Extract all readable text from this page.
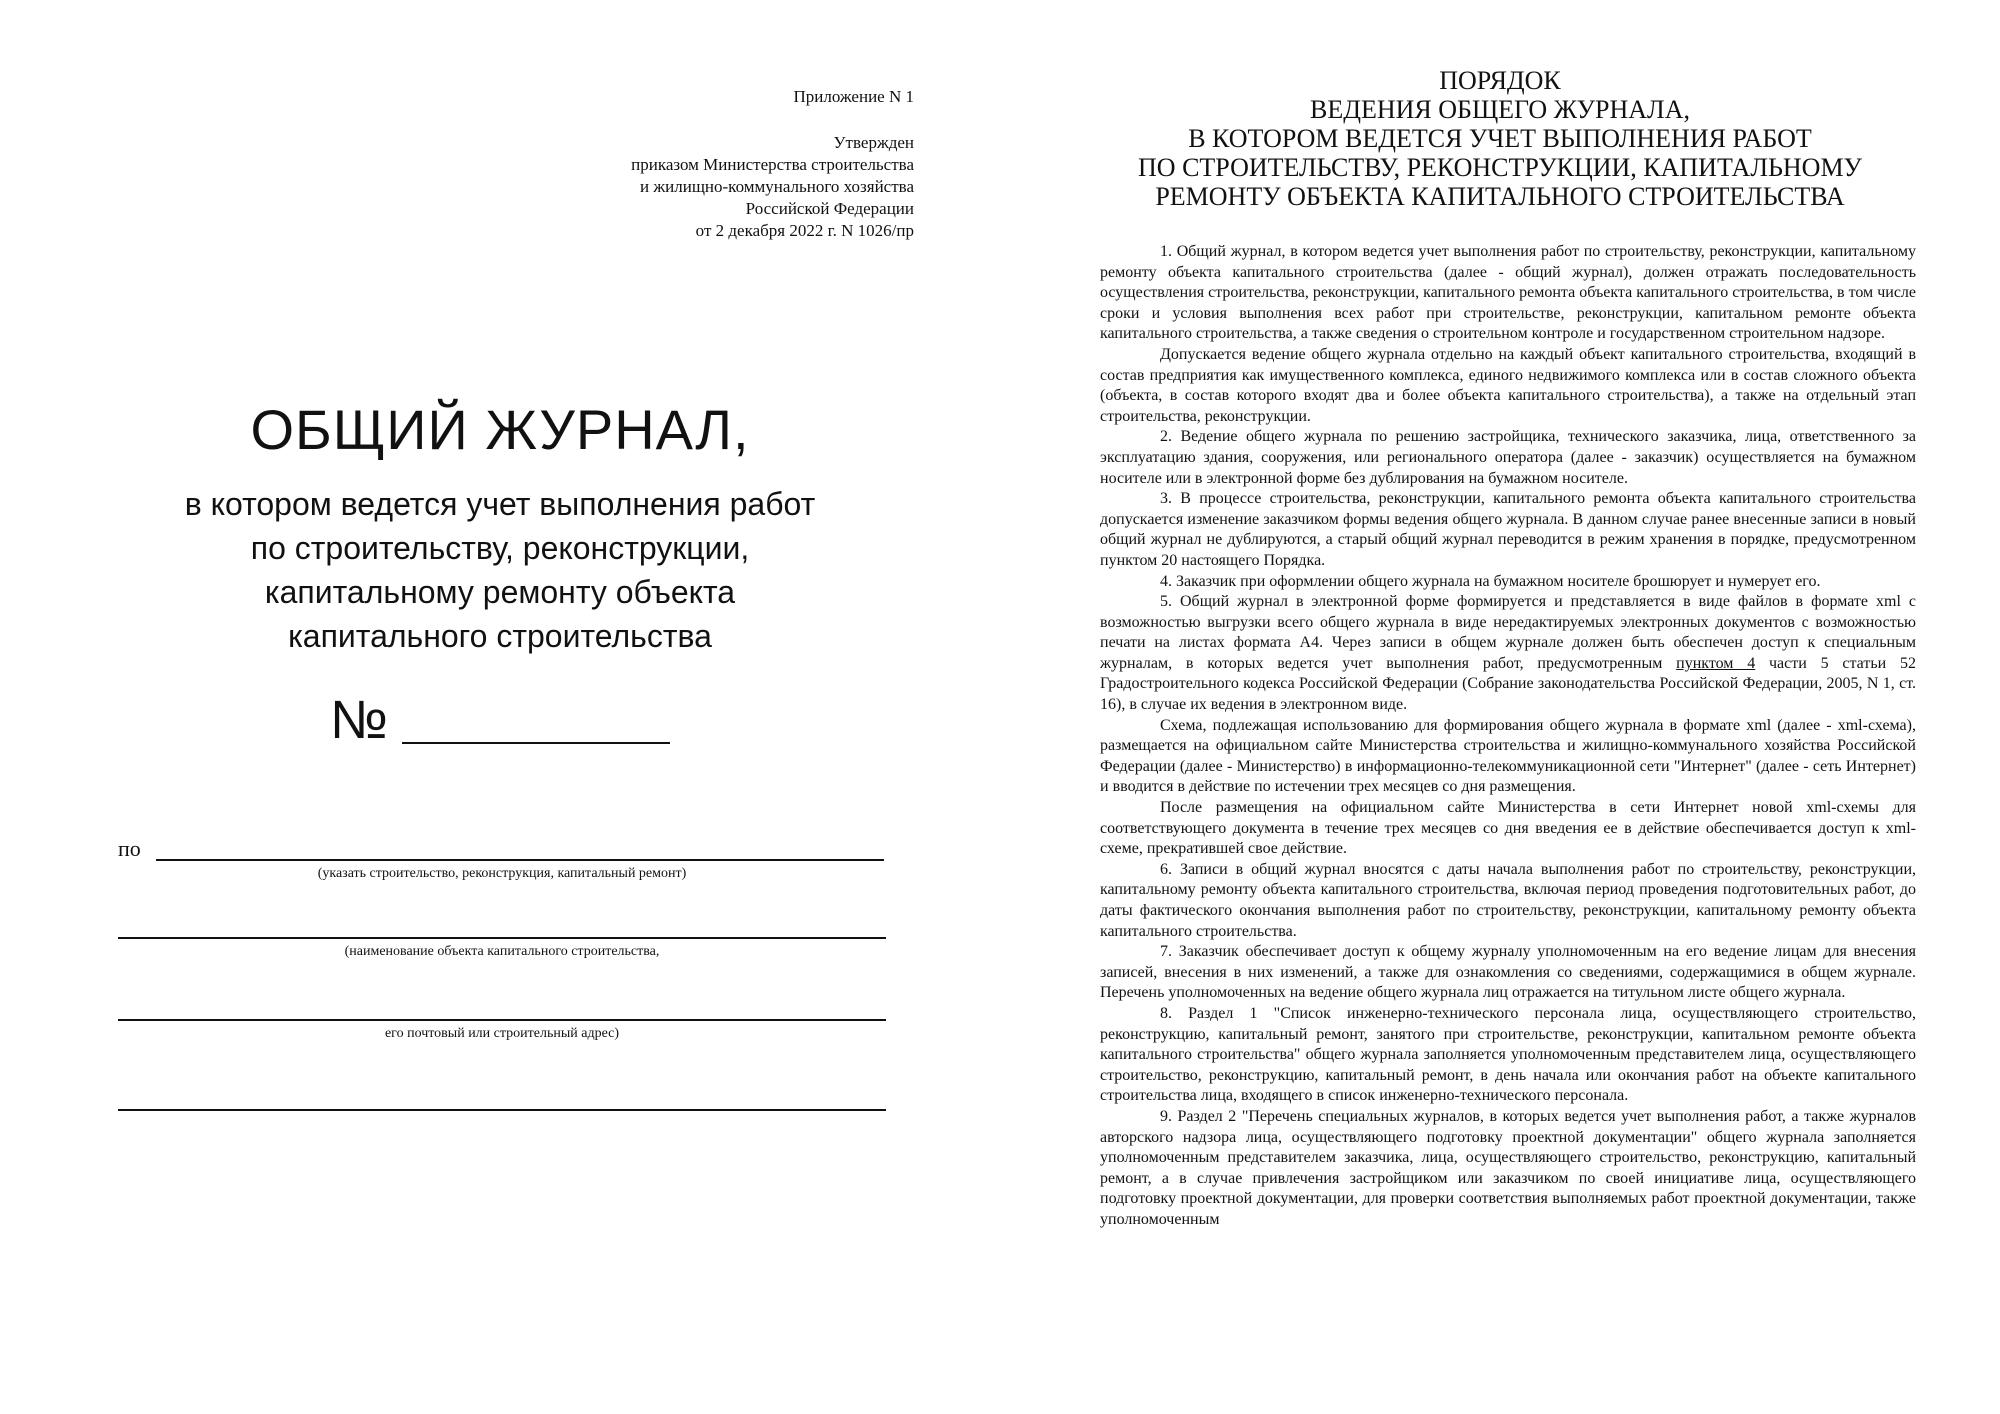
Приложение N 1
Утвержден
приказом Министерства строительства
и жилищно-коммунального хозяйства
Российской Федерации
от 2 декабря 2022 г. N 1026/пр
ОБЩИЙ ЖУРНАЛ,
в котором ведется учет выполнения работ
по строительству, реконструкции,
капитальному ремонту объекта
капитального строительства
№
по
(указать строительство, реконструкция, капитальный ремонт)
(наименование объекта капитального строительства,
его почтовый или строительный адрес)
ПОРЯДОК
ВЕДЕНИЯ ОБЩЕГО ЖУРНАЛА,
В КОТОРОМ ВЕДЕТСЯ УЧЕТ ВЫПОЛНЕНИЯ РАБОТ
ПО СТРОИТЕЛЬСТВУ, РЕКОНСТРУКЦИИ, КАПИТАЛЬНОМУ
РЕМОНТУ ОБЪЕКТА КАПИТАЛЬНОГО СТРОИТЕЛЬСТВА

1. Общий журнал, в котором ведется учет выполнения работ по строительству, реконструкции, капитальному ремонту объекта капитального строительства (далее - общий журнал), должен отражать последовательность осуществления строительства, реконструкции, капитального ремонта объекта капитального строительства, в том числе сроки и условия выполнения всех работ при строительстве, реконструкции, капитальном ремонте объекта капитального строительства, а также сведения о строительном контроле и государственном строительном надзоре.

Допускается ведение общего журнала отдельно на каждый объект капитального строительства, входящий в состав предприятия как имущественного комплекса, единого недвижимого комплекса или в состав сложного объекта (объекта, в состав которого входят два и более объекта капитального строительства), а также на отдельный этап строительства, реконструкции.

2. Ведение общего журнала по решению застройщика, технического заказчика, лица, ответственного за эксплуатацию здания, сооружения, или регионального оператора (далее - заказчик) осуществляется на бумажном носителе или в электронной форме без дублирования на бумажном носителе.

3. В процессе строительства, реконструкции, капитального ремонта объекта капитального строительства допускается изменение заказчиком формы ведения общего журнала. В данном случае ранее внесенные записи в новый общий журнал не дублируются, а старый общий журнал переводится в режим хранения в порядке, предусмотренном пунктом 20 настоящего Порядка.

4. Заказчик при оформлении общего журнала на бумажном носителе брошюрует и нумерует его.

5. Общий журнал в электронной форме формируется и представляется в виде файлов в формате xml с возможностью выгрузки всего общего журнала в виде нередактируемых электронных документов с возможностью печати на листах формата А4. Через записи в общем журнале должен быть обеспечен доступ к специальным журналам, в которых ведется учет выполнения работ, предусмотренным пунктом 4 части 5 статьи 52 Градостроительного кодекса Российской Федерации (Собрание законодательства Российской Федерации, 2005, N 1, ст. 16), в случае их ведения в электронном виде.

Схема, подлежащая использованию для формирования общего журнала в формате xml (далее - xml-схема), размещается на официальном сайте Министерства строительства и жилищно-коммунального хозяйства Российской Федерации (далее - Министерство) в информационно-телекоммуникационной сети "Интернет" (далее - сеть Интернет) и вводится в действие по истечении трех месяцев со дня размещения.

После размещения на официальном сайте Министерства в сети Интернет новой xml-схемы для соответствующего документа в течение трех месяцев со дня введения ее в действие обеспечивается доступ к xml-схеме, прекратившей свое действие.

6. Записи в общий журнал вносятся с даты начала выполнения работ по строительству, реконструкции, капитальному ремонту объекта капитального строительства, включая период проведения подготовительных работ, до даты фактического окончания выполнения работ по строительству, реконструкции, капитальному ремонту объекта капитального строительства.

7. Заказчик обеспечивает доступ к общему журналу уполномоченным на его ведение лицам для внесения записей, внесения в них изменений, а также для ознакомления со сведениями, содержащимися в общем журнале. Перечень уполномоченных на ведение общего журнала лиц отражается на титульном листе общего журнала.

8. Раздел 1 "Список инженерно-технического персонала лица, осуществляющего строительство, реконструкцию, капитальный ремонт, занятого при строительстве, реконструкции, капитальном ремонте объекта капитального строительства" общего журнала заполняется уполномоченным представителем лица, осуществляющего строительство, реконструкцию, капитальный ремонт, в день начала или окончания работ на объекте капитального строительства лица, входящего в список инженерно-технического персонала.

9. Раздел 2 "Перечень специальных журналов, в которых ведется учет выполнения работ, а также журналов авторского надзора лица, осуществляющего подготовку проектной документации" общего журнала заполняется уполномоченным представителем заказчика, лица, осуществляющего строительство, реконструкцию, капитальный ремонт, а в случае привлечения застройщиком или заказчиком по своей инициативе лица, осуществляющего подготовку проектной документации, для проверки соответствия выполняемых работ проектной документации, также уполномоченным
